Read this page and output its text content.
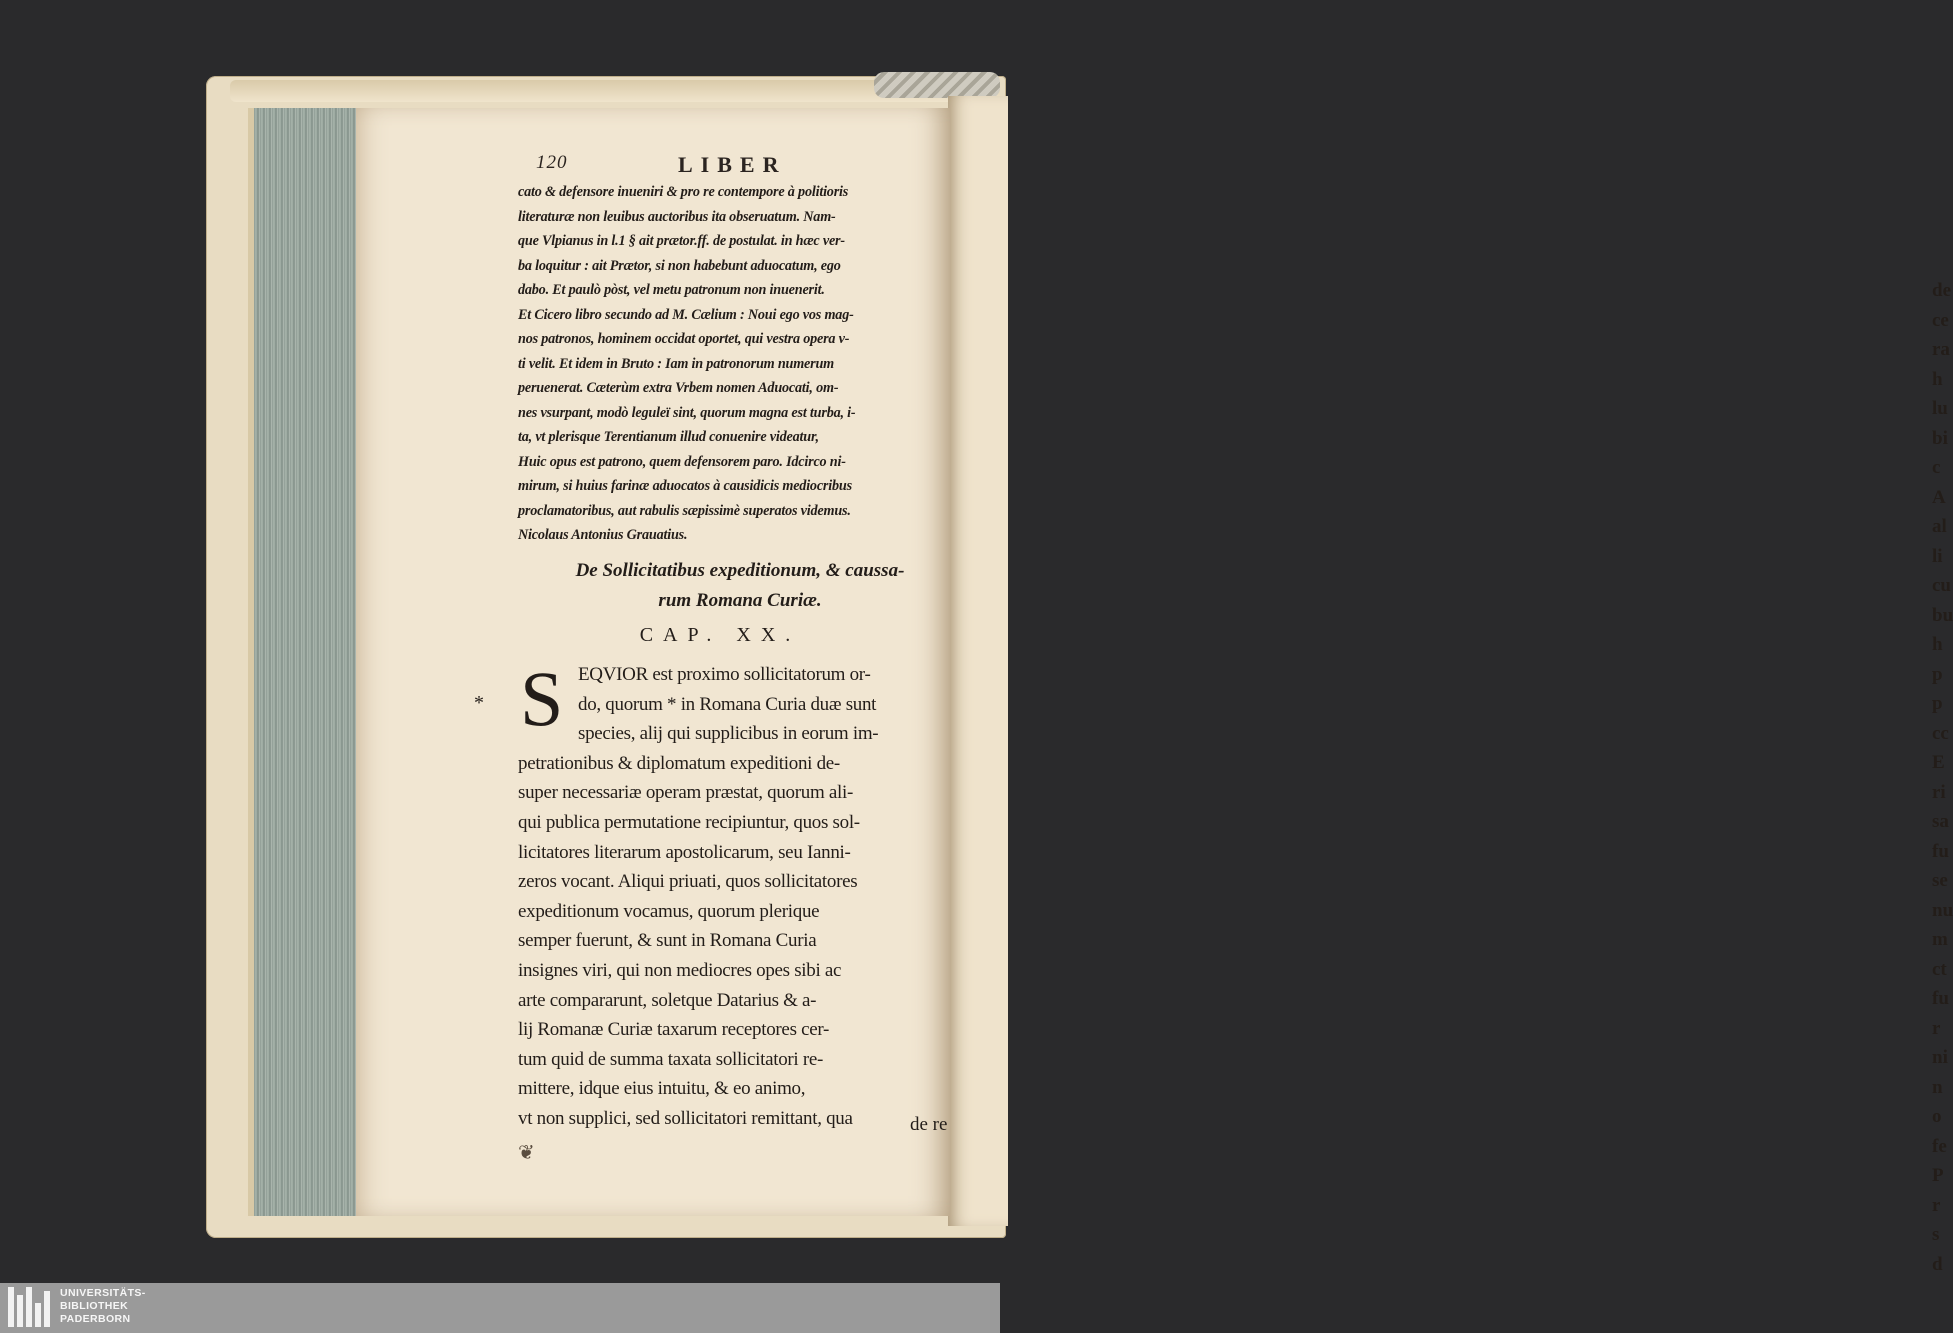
de
ce
ra
h
lu
bi
c
A
al
li
cu
bu
h
p
p
cc
E
ri
sa
fu
se
nu
m
ct
fu
r
ni
n
o
fe
P
r
s
d
120	LIBER
cato & defensore inueniri & pro re contempore à politioris
literaturæ non leuibus auctoribus ita obseruatum. Nam-
que Vlpianus in l.1 § ait prætor.ff. de postulat. in hæc ver-
ba loquitur : ait Prætor, si non habebunt aduocatum, ego
dabo. Et paulò pòst, vel metu patronum non inuenerit.
Et Cicero libro secundo ad M. Cælium : Noui ego vos mag-
nos patronos, hominem occidat oportet, qui vestra opera v-
ti velit. Et idem in Bruto : Iam in patronorum numerum
peruenerat. Cæterùm extra Vrbem nomen Aduocati, om-
nes vsurpant, modò leguleï sint, quorum magna est turba, i-
ta, vt plerisque Terentianum illud conuenire videatur,
Huic opus est patrono, quem defensorem paro. Idcirco ni-
mirum, si huius farinæ aduocatos à causidicis mediocribus
proclamatoribus, aut rabulis sæpissimè superatos videmus.
Nicolaus Antonius Grauatius.
De Sollicitatibus expeditionum, & caussa-
rum Romana Curiæ.
CAP. XX.
* S EQVIOR est proximo sollicitatorum or-
do, quorum * in Romana Curia duæ sunt
species, alij qui supplicibus in eorum im-
petrationibus & diplomatum expeditioni de-
super necessariæ operam præstat, quorum ali-
qui publica permutatione recipiuntur, quos sol-
licitatores literarum apostolicarum, seu Ianni-
zeros vocant. Aliqui priuati, quos sollicitatores
expeditionum vocamus, quorum plerique
semper fuerunt, & sunt in Romana Curia
insignes viri, qui non mediocres opes sibi ac
arte compararunt, soletque Datarius & a-
lij Romanæ Curiæ taxarum receptores cer-
tum quid de summa taxata sollicitatori re-
mittere, idque eius intuitu, & eo animo,
vt non supplici, sed sollicitatori remittant, qua	de re
❦
UNIVERSITÄTS-
BIBLIOTHEK
PADERBORN
